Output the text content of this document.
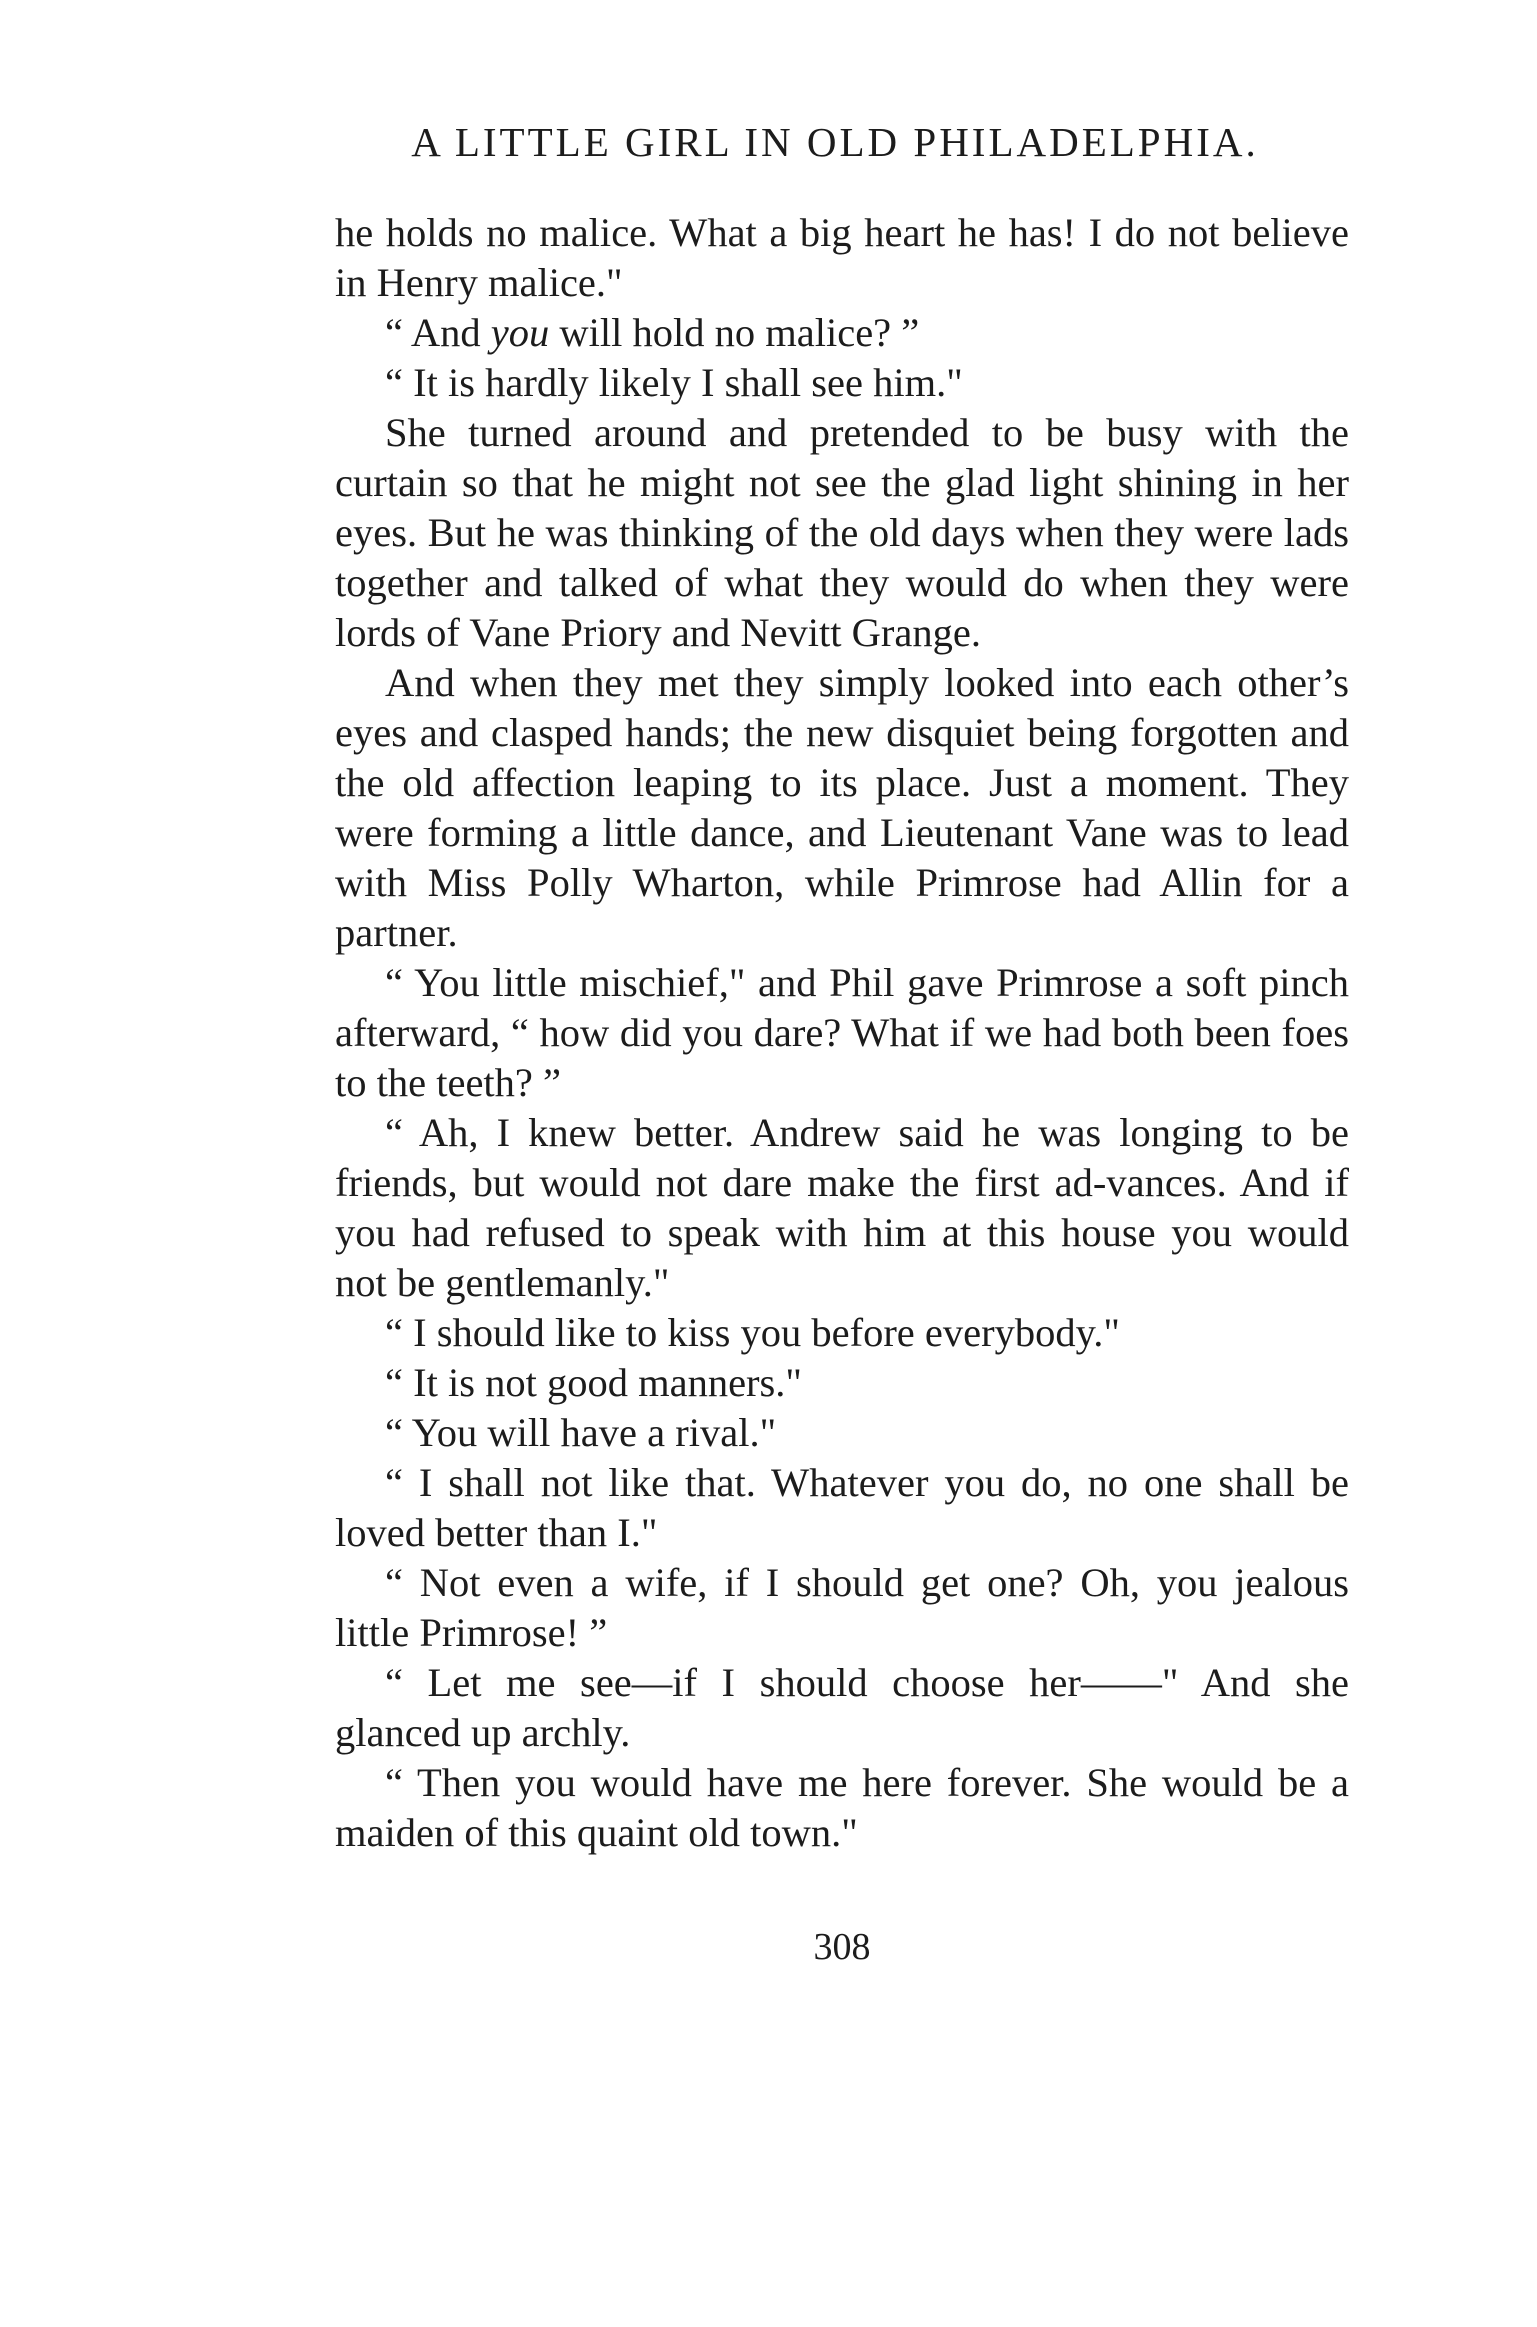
A LITTLE GIRL IN OLD PHILADELPHIA.

he holds no malice. What a big heart he has! I do not believe in Henry malice."

“ And you will hold no malice? ”

“ It is hardly likely I shall see him."

She turned around and pretended to be busy with the curtain so that he might not see the glad light shining in her eyes. But he was thinking of the old days when they were lads together and talked of what they would do when they were lords of Vane Priory and Nevitt Grange.

And when they met they simply looked into each other’s eyes and clasped hands; the new disquiet being forgotten and the old affection leaping to its place. Just a moment. They were forming a little dance, and Lieutenant Vane was to lead with Miss Polly Wharton, while Primrose had Allin for a partner.

“ You little mischief," and Phil gave Primrose a soft pinch afterward, “ how did you dare? What if we had both been foes to the teeth? ”

“ Ah, I knew better. Andrew said he was longing to be friends, but would not dare make the first ad-vances. And if you had refused to speak with him at this house you would not be gentlemanly."

“ I should like to kiss you before everybody."

“ It is not good manners."

“ You will have a rival."

“ I shall not like that. Whatever you do, no one shall be loved better than I."

“ Not even a wife, if I should get one? Oh, you jealous little Primrose! ”

“ Let me see—if I should choose her——" And she glanced up archly.

“ Then you would have me here forever. She would be a maiden of this quaint old town."

308
